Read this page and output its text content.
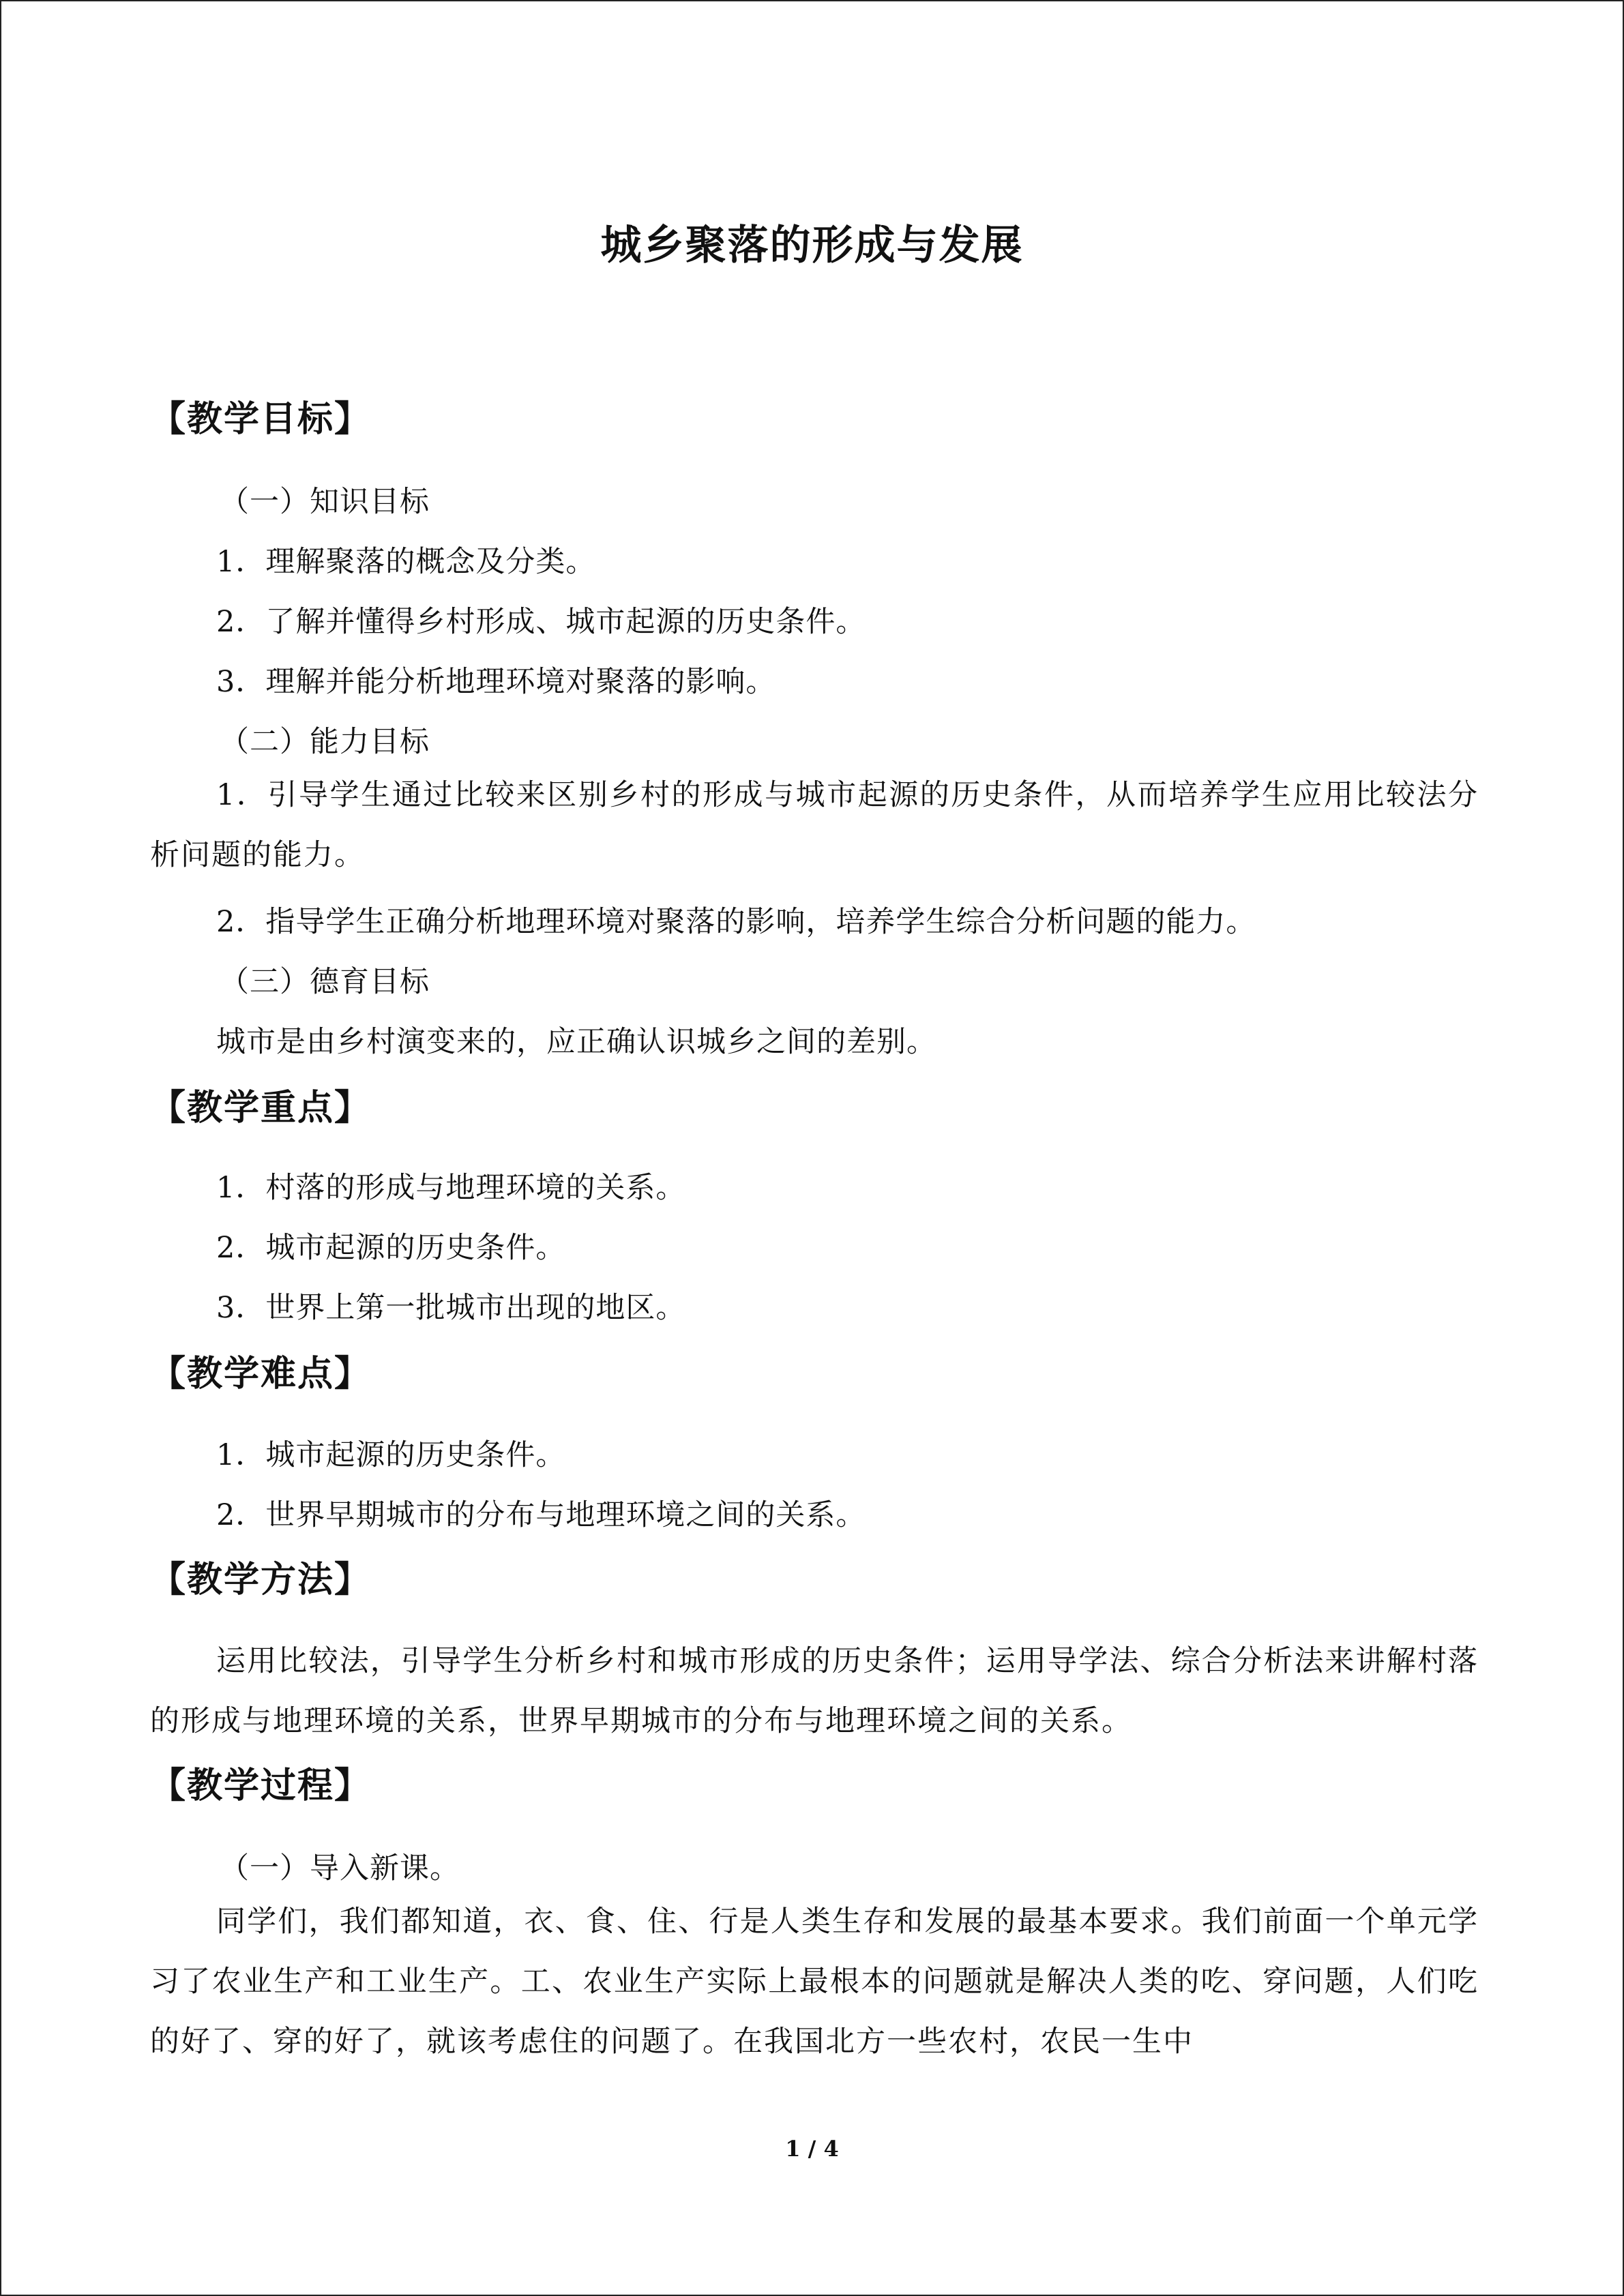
城乡聚落的形成与发展
【教学目标】
（一）知识目标
1．理解聚落的概念及分类。
2．了解并懂得乡村形成、城市起源的历史条件。
3．理解并能分析地理环境对聚落的影响。
（二）能力目标
1．引导学生通过比较来区别乡村的形成与城市起源的历史条件，从而培养学生应用比较法分析问题的能力。
2．指导学生正确分析地理环境对聚落的影响，培养学生综合分析问题的能力。
（三）德育目标
城市是由乡村演变来的，应正确认识城乡之间的差别。
【教学重点】
1．村落的形成与地理环境的关系。
2．城市起源的历史条件。
3．世界上第一批城市出现的地区。
【教学难点】
1．城市起源的历史条件。
2．世界早期城市的分布与地理环境之间的关系。
【教学方法】
运用比较法，引导学生分析乡村和城市形成的历史条件；运用导学法、综合分析法来讲解村落的形成与地理环境的关系，世界早期城市的分布与地理环境之间的关系。
【教学过程】
（一）导入新课。
同学们，我们都知道，衣、食、住、行是人类生存和发展的最基本要求。我们前面一个单元学习了农业生产和工业生产。工、农业生产实际上最根本的问题就是解决人类的吃、穿问题，人们吃的好了、穿的好了，就该考虑住的问题了。在我国北方一些农村，农民一生中
1 / 4
